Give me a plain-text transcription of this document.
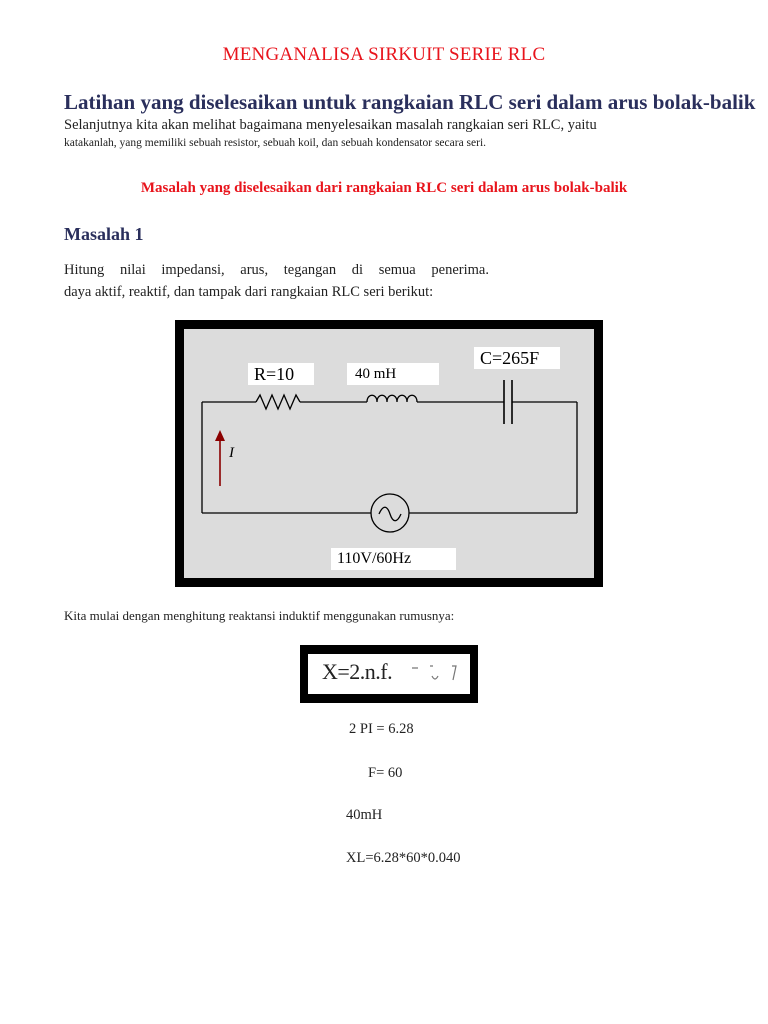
MENGANALISA SIRKUIT SERIE RLC
Latihan yang diselesaikan untuk rangkaian RLC seri dalam arus bolak-balik
Selanjutnya kita akan melihat bagaimana menyelesaikan masalah rangkaian seri RLC, yaitu
katakanlah, yang memiliki sebuah resistor, sebuah koil, dan sebuah kondensator secara seri.
Masalah yang diselesaikan dari rangkaian RLC seri dalam arus bolak-balik
Masalah 1
Hitung nilai impedansi, arus, tegangan di semua penerima.
daya aktif, reaktif, dan tampak dari rangkaian RLC seri berikut:
R=10	40 mH
C=265F
110V/60Hz
I
Kita mulai dengan menghitung reaktansi induktif menggunakan rumusnya:
X=2.n.f.
2 PI = 6.28
F= 60
40mH
XL=6.28*60*0.040
